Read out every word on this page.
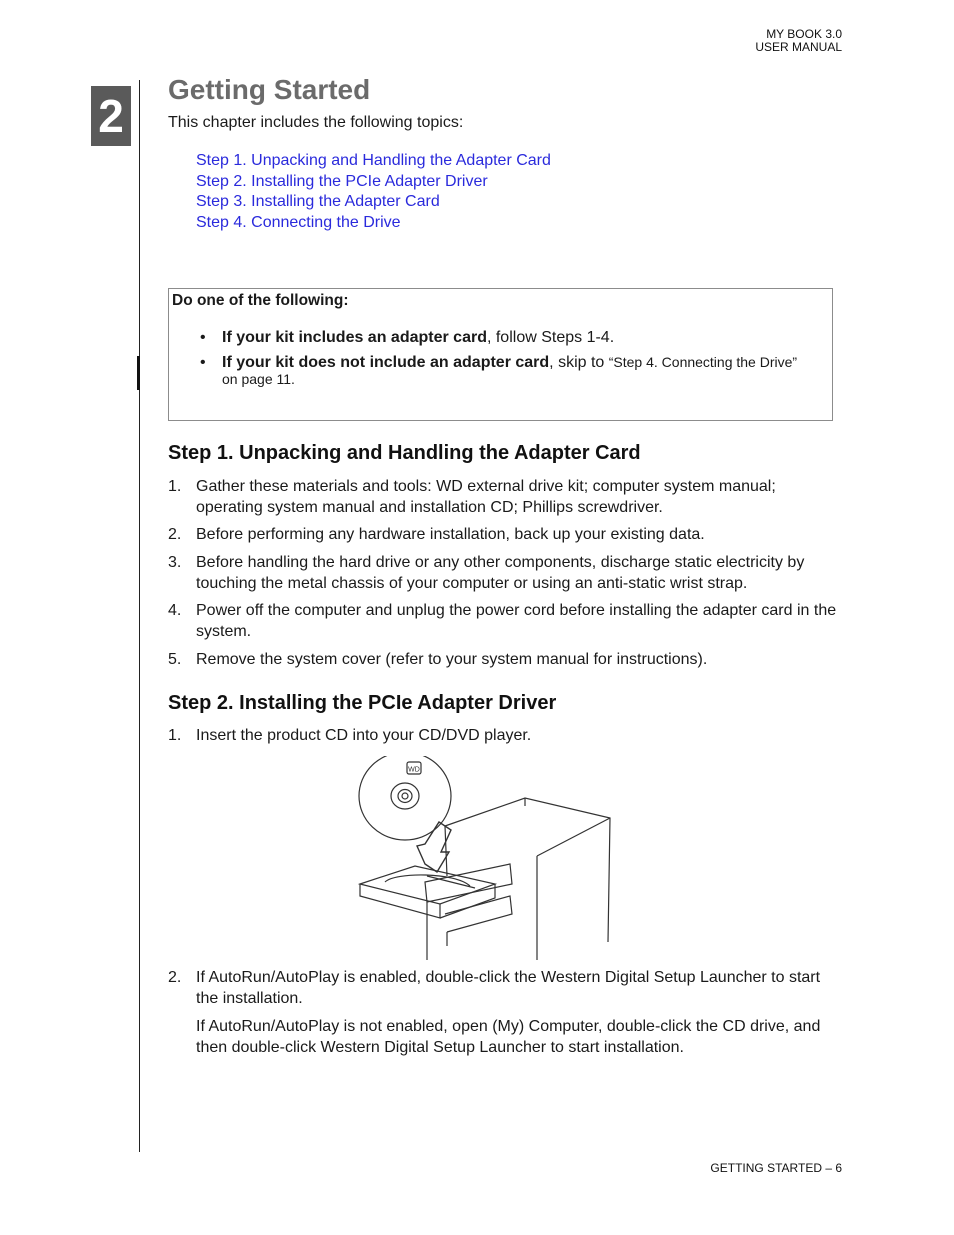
MY BOOK 3.0
USER MANUAL
2
Getting Started
This chapter includes the following topics:
Step 1. Unpacking and Handling the Adapter Card
Step 2. Installing the PCIe Adapter Driver
Step 3. Installing the Adapter Card
Step 4. Connecting the Drive
Do one of the following:
• If your kit includes an adapter card, follow Steps 1-4.
• If your kit does not include an adapter card, skip to “Step 4. Connecting the Drive” on page 11.
Step 1. Unpacking and Handling the Adapter Card
1. Gather these materials and tools: WD external drive kit; computer system manual; operating system manual and installation CD; Phillips screwdriver.
2. Before performing any hardware installation, back up your existing data.
3. Before handling the hard drive or any other components, discharge static electricity by touching the metal chassis of your computer or using an anti-static wrist strap.
4. Power off the computer and unplug the power cord before installing the adapter card in the system.
5. Remove the system cover (refer to your system manual for instructions).
Step 2. Installing the PCIe Adapter Driver
1. Insert the product CD into your CD/DVD player.
WD
2. If AutoRun/AutoPlay is enabled, double-click the Western Digital Setup Launcher to start the installation.
If AutoRun/AutoPlay is not enabled, open (My) Computer, double-click the CD drive, and then double-click Western Digital Setup Launcher to start installation.
GETTING STARTED – 6
